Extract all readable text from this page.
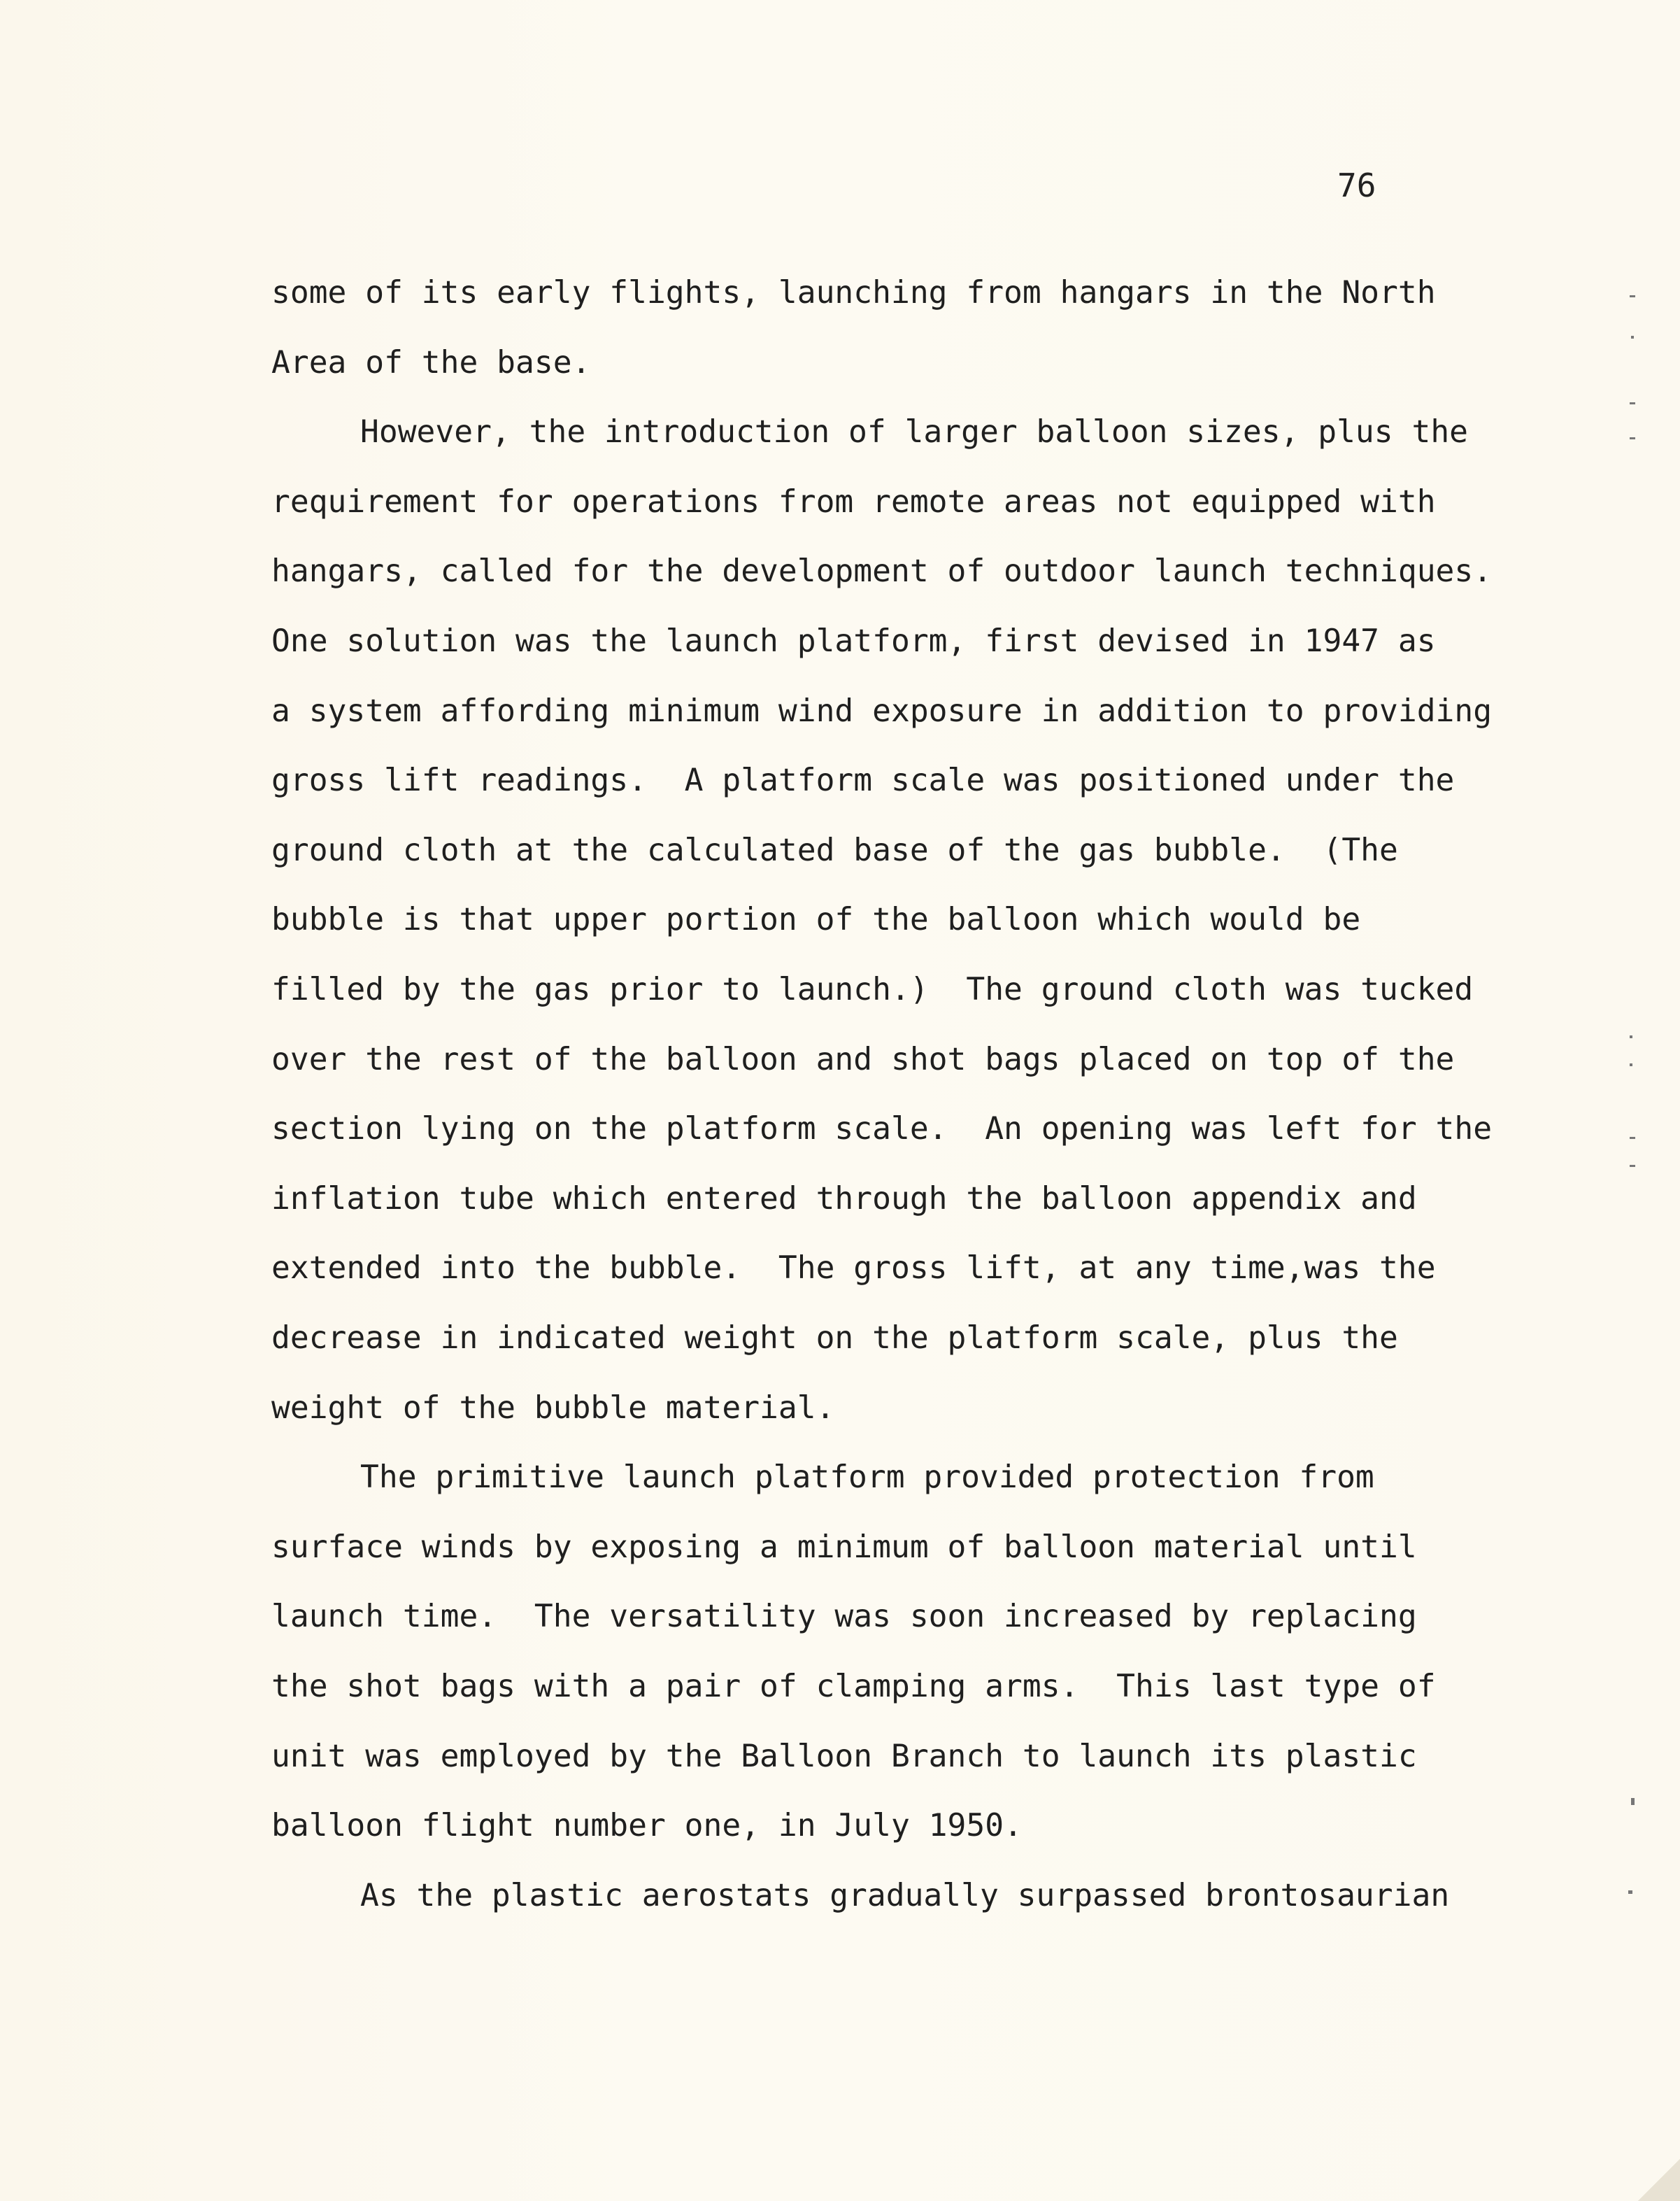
76
some of its early flights, launching from hangars in the North
Area of the base.
However, the introduction of larger balloon sizes, plus the
requirement for operations from remote areas not equipped with
hangars, called for the development of outdoor launch techniques.
One solution was the launch platform, first devised in 1947 as
a system affording minimum wind exposure in addition to providing
gross lift readings.  A platform scale was positioned under the
ground cloth at the calculated base of the gas bubble.  (The
bubble is that upper portion of the balloon which would be
filled by the gas prior to launch.)  The ground cloth was tucked
over the rest of the balloon and shot bags placed on top of the
section lying on the platform scale.  An opening was left for the
inflation tube which entered through the balloon appendix and
extended into the bubble.  The gross lift, at any time,was the
decrease in indicated weight on the platform scale, plus the
weight of the bubble material.
The primitive launch platform provided protection from
surface winds by exposing a minimum of balloon material until
launch time.  The versatility was soon increased by replacing
the shot bags with a pair of clamping arms.  This last type of
unit was employed by the Balloon Branch to launch its plastic
balloon flight number one, in July 1950.
As the plastic aerostats gradually surpassed brontosaurian
